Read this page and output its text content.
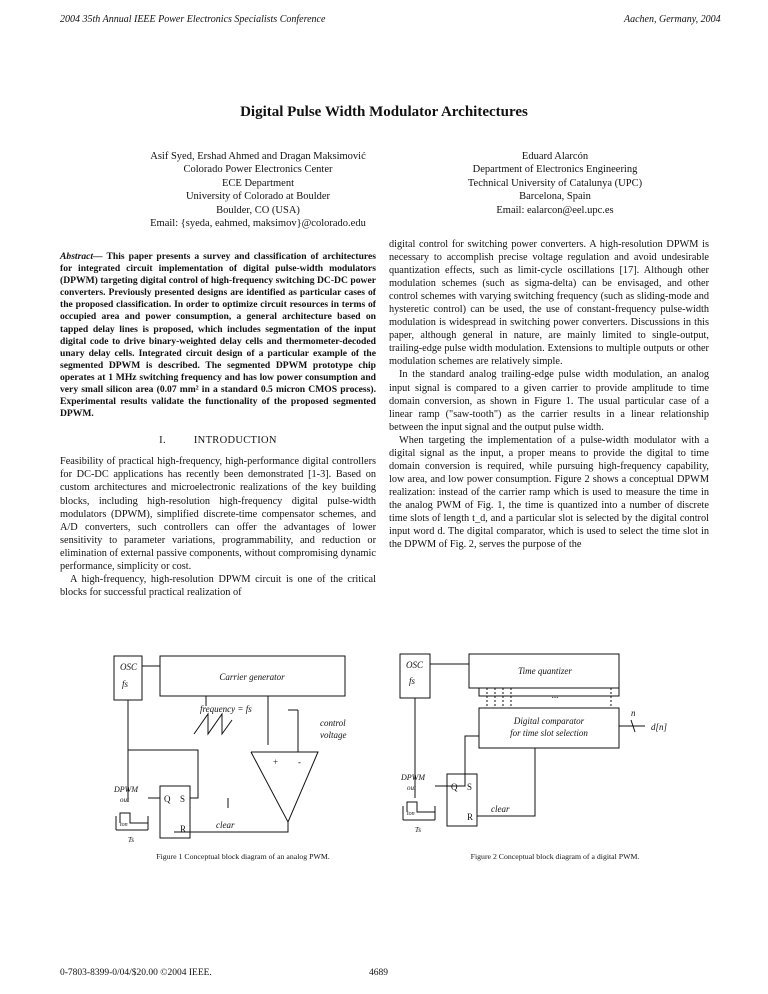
2004 35th Annual IEEE Power Electronics Specialists Conference	Aachen, Germany, 2004
Digital Pulse Width Modulator Architectures
Asif Syed, Ershad Ahmed and Dragan Maksimović
Colorado Power Electronics Center
ECE Department
University of Colorado at Boulder
Boulder, CO (USA)
Email: {syeda, eahmed, maksimov}@colorado.edu
Eduard Alarcón
Department of Electronics Engineering
Technical University of Catalunya (UPC)
Barcelona, Spain
Email: ealarcon@eel.upc.es

Abstract— This paper presents a survey and classification of architectures for integrated circuit implementation of digital pulse-width modulators (DPWM) targeting digital control of high-frequency switching DC-DC power converters. Previously presented designs are identified as particular cases of the proposed classification. In order to optimize circuit resources in terms of occupied area and power consumption, a general architecture based on tapped delay lines is proposed, which includes segmentation of the input digital code to drive binary-weighted delay cells and thermometer-decoded unary delay cells. Integrated circuit design of a particular example of the segmented DPWM is described. The segmented DPWM prototype chip operates at 1 MHz switching frequency and has low power consumption and very small silicon area (0.07 mm² in a standard 0.5 micron CMOS process). Experimental results validate the functionality of the proposed segmented DPWM.

I.	INTRODUCTION

Feasibility of practical high-frequency, high-performance digital controllers for DC-DC applications has recently been demonstrated [1-3]. Based on custom architectures and microelectronic realizations of the key building blocks, including high-resolution high-frequency digital pulse-width modulators (DPWM), simplified discrete-time compensator schemes, and A/D converters, such controllers can offer the advantages of lower sensitivity to parameter variations, programmability, and reduction or elimination of external passive components, without compromising dynamic performance, simplicity or cost.

A high-frequency, high-resolution DPWM circuit is one of the critical blocks for successful practical realization of

digital control for switching power converters. A high-resolution DPWM is necessary to accomplish precise voltage regulation and avoid undesirable quantization effects, such as limit-cycle oscillations [17]. Although other modulation schemes (such as sigma-delta) can be envisaged, and other control schemes with varying switching frequency (such as sliding-mode and hysteretic control) can be used, the use of constant-frequency pulse-width modulation is widespread in switching power converters. Discussions in this paper, although general in nature, are mainly limited to single-output, trailing-edge pulse width modulation. Extensions to multiple outputs or other modulation schemes are relatively simple.

In the standard analog trailing-edge pulse width modulation, an analog input signal is compared to a given carrier to provide amplitude to time domain conversion, as shown in Figure 1. The usual particular case of a linear ramp ("saw-tooth") as the carrier results in a linear relationship between the input signal and the output pulse width.

When targeting the implementation of a pulse-width modulator with a digital signal as the input, a proper means to provide the digital to time domain conversion is required, while pursuing high-frequency capability, low area, and low power consumption. Figure 2 shows a conceptual DPWM realization: instead of the carrier ramp which is used to measure the time in the analog PWM of Fig. 1, the time is quantized into a number of discrete time slots of length t_d, and a particular slot is selected by the digital control input word d. The digital comparator, which is used to select the time slot in the DPWM of Fig. 2, serves the purpose of the

OSC
fs
Carrier generator
frequency = fs
control
voltage
+ -
DPWM
out	Q S
R	clear
ton
Ts
Figure 1 Conceptual block diagram of an analog PWM.
OSC
fs
Time quantizer
...
Digital comparator
for time slot selection
n
d[n]
DPWM
out	Q S
R
clear
ton
Ts
Figure 2 Conceptual block diagram of a digital PWM.
0-7803-8399-0/04/$20.00 ©2004 IEEE.	4689
